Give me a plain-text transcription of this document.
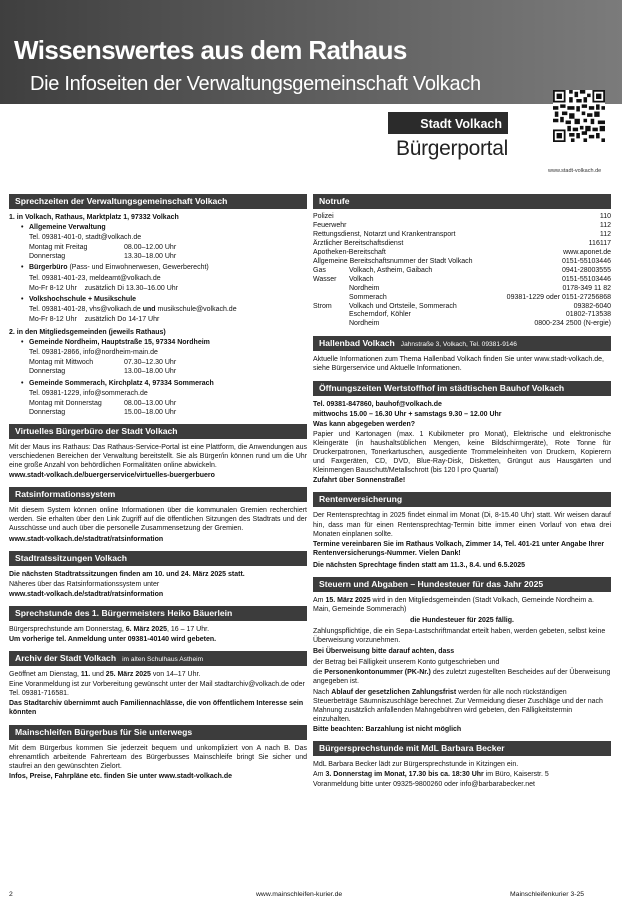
Wissenswertes aus dem Rathaus
Die Infoseiten der Verwaltungsgemeinschaft Volkach
www.stadt-volkach.de
Stadt Volkach
Bürgerportal
Sprechzeiten der Verwaltungsgemeinschaft Volkach
1. in Volkach, Rathaus, Marktplatz 1, 97332 Volkach
• Allgemeine Verwaltung
Tel. 09381-401-0, stadt@volkach.de
Montag mit Freitag	08.00–12.00 Uhr
Donnerstag	13.30–18.00 Uhr
• Bürgerbüro (Pass- und Einwohnerwesen, Gewerberecht)
Tel. 09381-401-23, meldeamt@volkach.de
Mo-Fr 8-12 Uhr    zusätzlich Di 13.30–16.00 Uhr
• Volkshochschule + Musikschule
Tel. 09381-401-28, vhs@volkach.de und musikschule@volkach.de
Mo-Fr 8-12 Uhr    zusätzlich Do 14-17 Uhr
2. in den Mitgliedsgemeinden (jeweils Rathaus)
• Gemeinde Nordheim, Hauptstraße 15, 97334 Nordheim
Tel. 09381-2866, info@nordheim-main.de
Montag mit Mittwoch	07.30–12.30 Uhr
Donnerstag	13.00–18.00 Uhr
• Gemeinde Sommerach, Kirchplatz 4, 97334 Sommerach
Tel. 09381-1229, info@sommerach.de
Montag mit Donnerstag	08.00–13.00 Uhr
Donnerstag	15.00–18.00 Uhr
Virtuelles Bürgerbüro der Stadt Volkach
Mit der Maus ins Rathaus: Das Rathaus-Service-Portal ist eine Plattform, die Anwendungen aus verschiedenen Bereichen der Verwaltung bereitstellt. Sie als Bürger/in können rund um die Uhr eine große Anzahl von behördlichen Formalitäten online abwickeln.
www.stadt-volkach.de/buergerservice/virtuelles-buergerbuero
Ratsinformationssystem
Mit diesem System können online Informationen über die kommunalen Gremien recherchiert werden. Sie erhalten über den Link Zugriff auf die öffentlichen Sitzungen des Stadtrats und der Ausschüsse und auch über die personelle Zusammensetzung der Gremien.
www.stadt-volkach.de/stadtrat/ratsinformation
Stadtratssitzungen Volkach
Die nächsten Stadtratssitzungen finden am 10. und 24. März 2025 statt.
Näheres über das Ratsinformationssystem unter
www.stadt-volkach.de/stadtrat/ratsinformation
Sprechstunde des 1. Bürgermeisters Heiko Bäuerlein
Bürgersprechstunde am Donnerstag, 6. März 2025, 16 – 17 Uhr.
Um vorherige tel. Anmeldung unter 09381-40140 wird gebeten.
Archiv der Stadt Volkach im alten Schulhaus Astheim
Geöffnet am Dienstag, 11. und 25. März 2025 von 14–17 Uhr.
Eine Voranmeldung ist zur Vorbereitung gewünscht unter der Mail stadtarchiv@volkach.de oder Tel. 09381-716581.
Das Stadtarchiv übernimmt auch Familiennachlässe, die von öffentlichem Interesse sein könnten
Mainschleifen Bürgerbus für Sie unterwegs
Mit dem Bürgerbus kommen Sie jederzeit bequem und unkompliziert von A nach B. Das ehrenamtlich arbeitende Fahrerteam des Bürgerbusses Mainschleife bringt Sie sicher und staufrei an den gewünschten Zielort.
Infos, Preise, Fahrpläne etc. finden Sie unter www.stadt-volkach.de
Notrufe
Polizei	110
Feuerwehr	112
Rettungsdienst, Notarzt und Krankentransport	112
Ärztlicher Bereitschaftsdienst	116117
Apotheken-Bereitschaft	www.aponet.de
Allgemeine Bereitschaftsnummer der Stadt Volkach	0151-55103446
Gas	Volkach, Astheim, Gaibach	0941-28003555
Wasser	Volkach	0151-55103446
Nordheim	0178-349 11 82
Sommerach	09381-1229 oder 0151-27256868
Strom	Volkach und Ortsteile, Sommerach	09382-6040
Escherndorf, Köhler	01802-713538
Nordheim	0800-234 2500 (N-ergie)
Hallenbad Volkach Jahnstraße 3, Volkach, Tel. 09381-9146
Aktuelle Informationen zum Thema Hallenbad Volkach finden Sie unter www.stadt-volkach.de, siehe Bürgerservice und Aktuelle Informationen.
Öffnungszeiten Wertstoffhof im städtischen Bauhof Volkach
Tel. 09381-847860, bauhof@volkach.de
mittwochs 15.00 – 16.30 Uhr + samstags 9.30 – 12.00 Uhr
Was kann abgegeben werden?
Papier und Kartonagen (max. 1 Kubikmeter pro Monat), Elektrische und elektronische Kleingeräte (in haushaltsüblichen Mengen, keine Bildschirmgeräte), Rote Tonne für Druckerpatronen, Tonerkartuschen, ausgediente Trommeleinheiten von Druckern, Kopierern und Faxgeräten, CD, DVD, Blue-Ray-Disk, Disketten, Grüngut aus Hausgärten und Kleinmengen Bauschutt/Metallschrott (bis 120 l pro Quartal)
Zufahrt über Sonnenstraße!
Rentenversicherung
Der Rentensprechtag in 2025 findet einmal im Monat (Di, 8-15.40 Uhr) statt. Wir weisen darauf hin, dass man für einen Rentensprechtag-Termin bitte immer einen Vorlauf von etwa drei Monaten einplanen sollte.
Termine vereinbaren Sie im Rathaus Volkach, Zimmer 14, Tel. 401-21 unter Angabe Ihrer Rentenversicherungs-Nummer. Vielen Dank!
Die nächsten Sprechtage finden statt am 11.3., 8.4. und 6.5.2025
Steuern und Abgaben – Hundesteuer für das Jahr 2025
Am 15. März 2025 wird in den Mitgliedsgemeinden (Stadt Volkach, Gemeinde Nordheim a. Main, Gemeinde Sommerach)
die Hundesteuer für 2025 fällig.
Zahlungspflichtige, die ein Sepa-Lastschriftmandat erteilt haben, werden gebeten, selbst keine Überweisung vorzunehmen.
Bei Überweisung bitte darauf achten, dass
der Betrag bei Fälligkeit unserem Konto gutgeschrieben und
die Personenkontonummer (PK-Nr.) des zuletzt zugestellten Bescheides auf der Überweisung angegeben ist.
Nach Ablauf der gesetzlichen Zahlungsfrist werden für alle noch rückständigen Steuerbeträge Säumniszuschläge berechnet. Zur Vermeidung dieser Zuschläge und der nach Mahnung zusätzlich anfallenden Mahngebühren wird gebeten, den Fälligkeitstermin einzuhalten.
Bitte beachten: Barzahlung ist nicht möglich
Bürgersprechstunde mit MdL Barbara Becker
MdL Barbara Becker lädt zur Bürgersprechstunde in Kitzingen ein.
Am 3. Donnerstag im Monat, 17.30 bis ca. 18:30 Uhr im Büro, Kaiserstr. 5
Voranmeldung bitte unter 09325-9800260 oder info@barbarabecker.net
2	www.mainschleifen-kurier.de	Mainschleifenkurier 3-25
